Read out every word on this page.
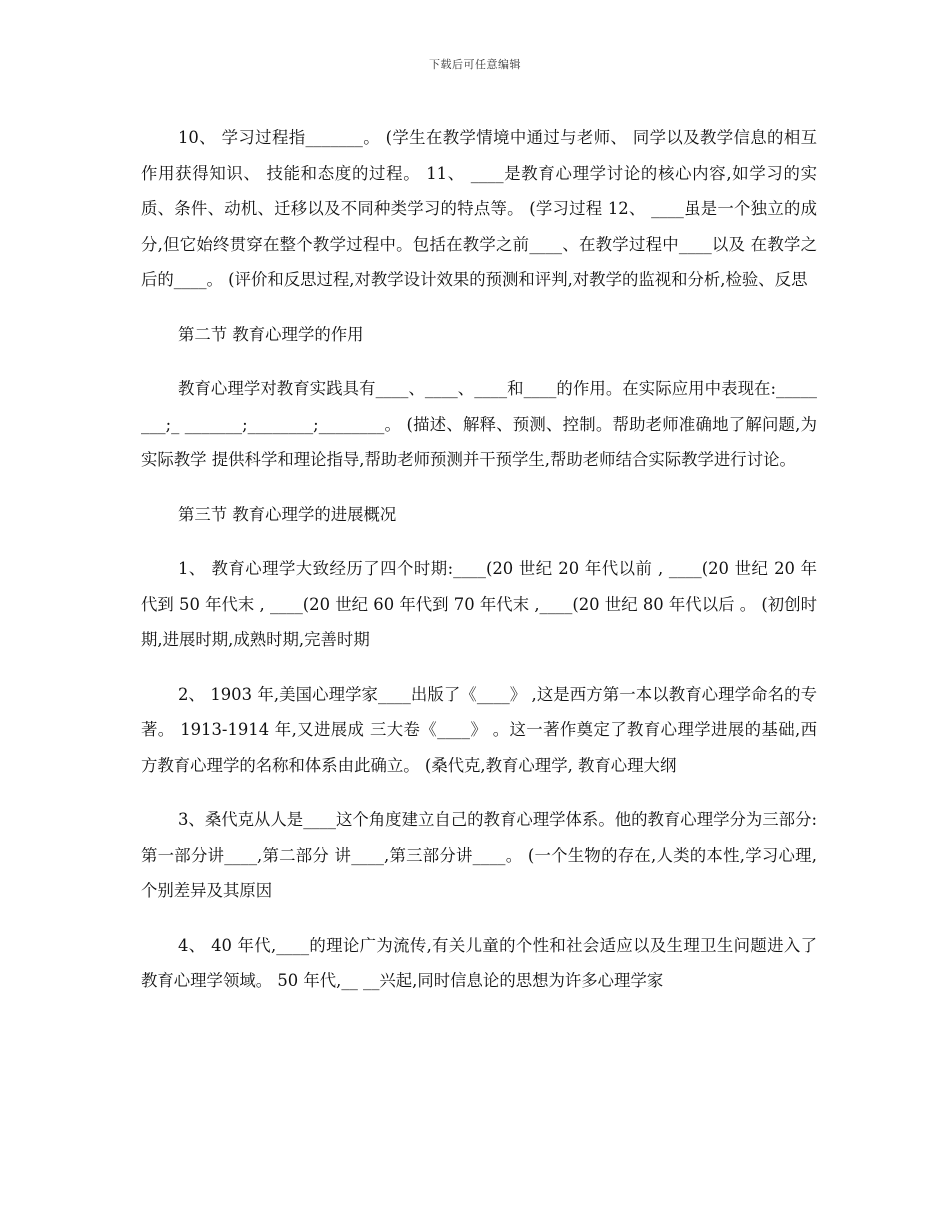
下载后可任意编辑

10、 学习过程指_______。 (学生在教学情境中通过与老师、 同学以及教学信息的相互作用获得知识、 技能和态度的过程。 11、 ____是教育心理学讨论的核心内容,如学习的实质、条件、动机、迁移以及不同种类学习的特点等。 (学习过程 12、 ____虽是一个独立的成分,但它始终贯穿在整个教学过程中。包括在教学之前____、在教学过程中____以及 在教学之后的____。 (评价和反思过程,对教学设计效果的预测和评判,对教学的监视和分析,检验、反思

第二节 教育心理学的作用

教育心理学对教育实践具有____、____、____和____的作用。在实际应用中表现在:________;_ _______;________;________。 (描述、解释、预测、控制。帮助老师准确地了解问题,为实际教学 提供科学和理论指导,帮助老师预测并干预学生,帮助老师结合实际教学进行讨论。

第三节 教育心理学的进展概况

1、 教育心理学大致经历了四个时期:____(20 世纪 20 年代以前 , ____(20 世纪 20 年代到 50 年代末 , ____(20 世纪 60 年代到 70 年代末 ,____(20 世纪 80 年代以后 。 (初创时期,进展时期,成熟时期,完善时期

2、 1903 年,美国心理学家____出版了《____》 ,这是西方第一本以教育心理学命名的专著。 1913-1914 年,又进展成 三大卷《____》 。这一著作奠定了教育心理学进展的基础,西方教育心理学的名称和体系由此确立。 (桑代克,教育心理学, 教育心理大纲

3、桑代克从人是____这个角度建立自己的教育心理学体系。他的教育心理学分为三部分:第一部分讲____,第二部分 讲____,第三部分讲____。 (一个生物的存在,人类的本性,学习心理,个别差异及其原因

4、 40 年代,____的理论广为流传,有关儿童的个性和社会适应以及生理卫生问题进入了教育心理学领域。 50 年代,__ __兴起,同时信息论的思想为许多心理学家
